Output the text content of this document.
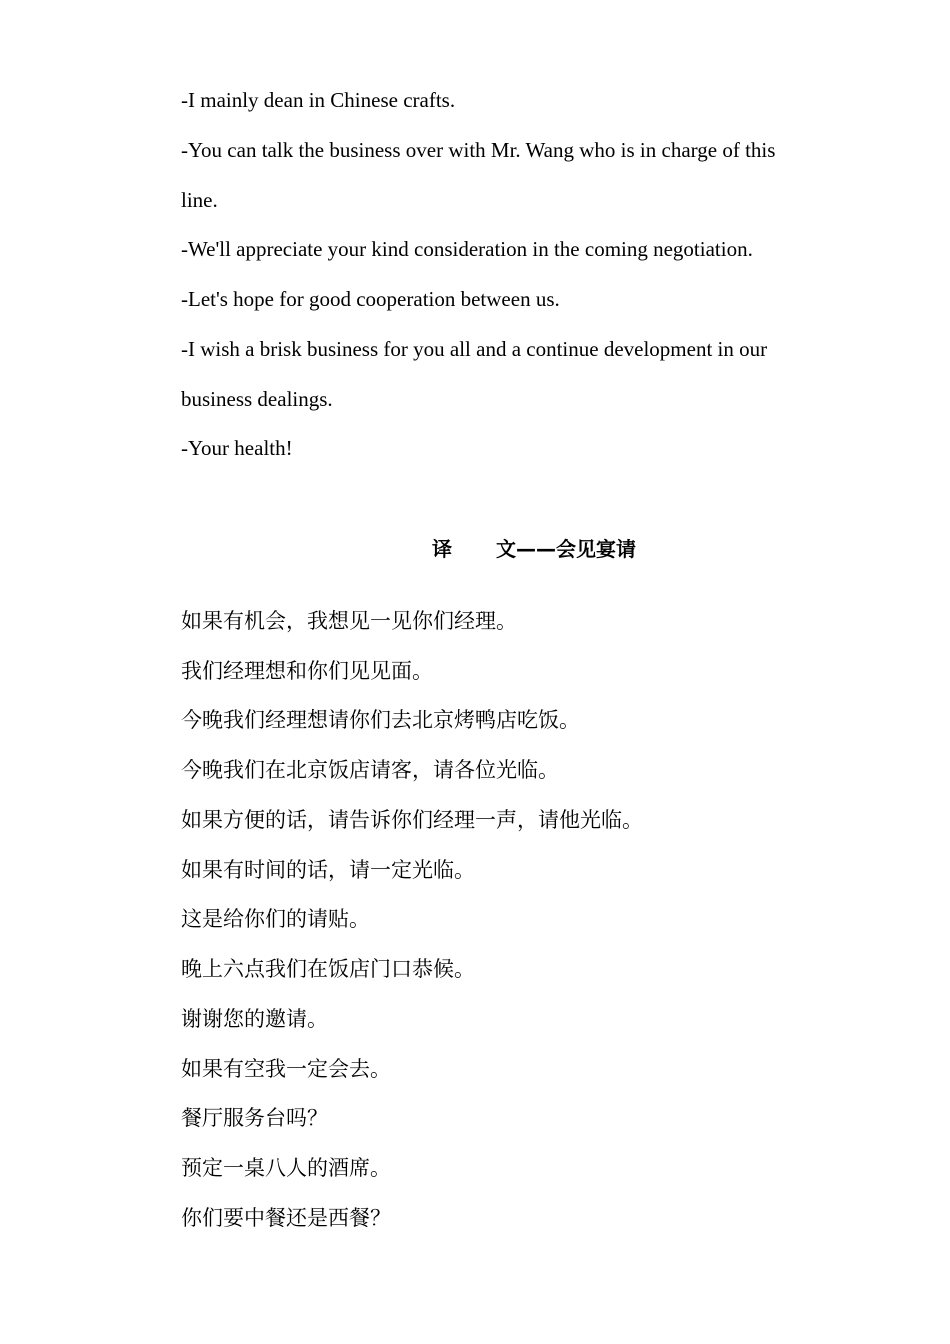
-I mainly dean in Chinese crafts.
-You can talk the business over with Mr. Wang who is in charge of this
line.
-We'll appreciate your kind consideration in the coming negotiation.
-Let's hope for good cooperation between us.
-I wish a brisk business for you all and a continue development in our
business dealings.
-Your health!
译 文——会见宴请
如果有机会，我想见一见你们经理。
我们经理想和你们见见面。
今晚我们经理想请你们去北京烤鸭店吃饭。
今晚我们在北京饭店请客，请各位光临。
如果方便的话，请告诉你们经理一声，请他光临。
如果有时间的话，请一定光临。
这是给你们的请贴。
晚上六点我们在饭店门口恭候。
谢谢您的邀请。
如果有空我一定会去。
餐厅服务台吗？
预定一桌八人的酒席。
你们要中餐还是西餐？
